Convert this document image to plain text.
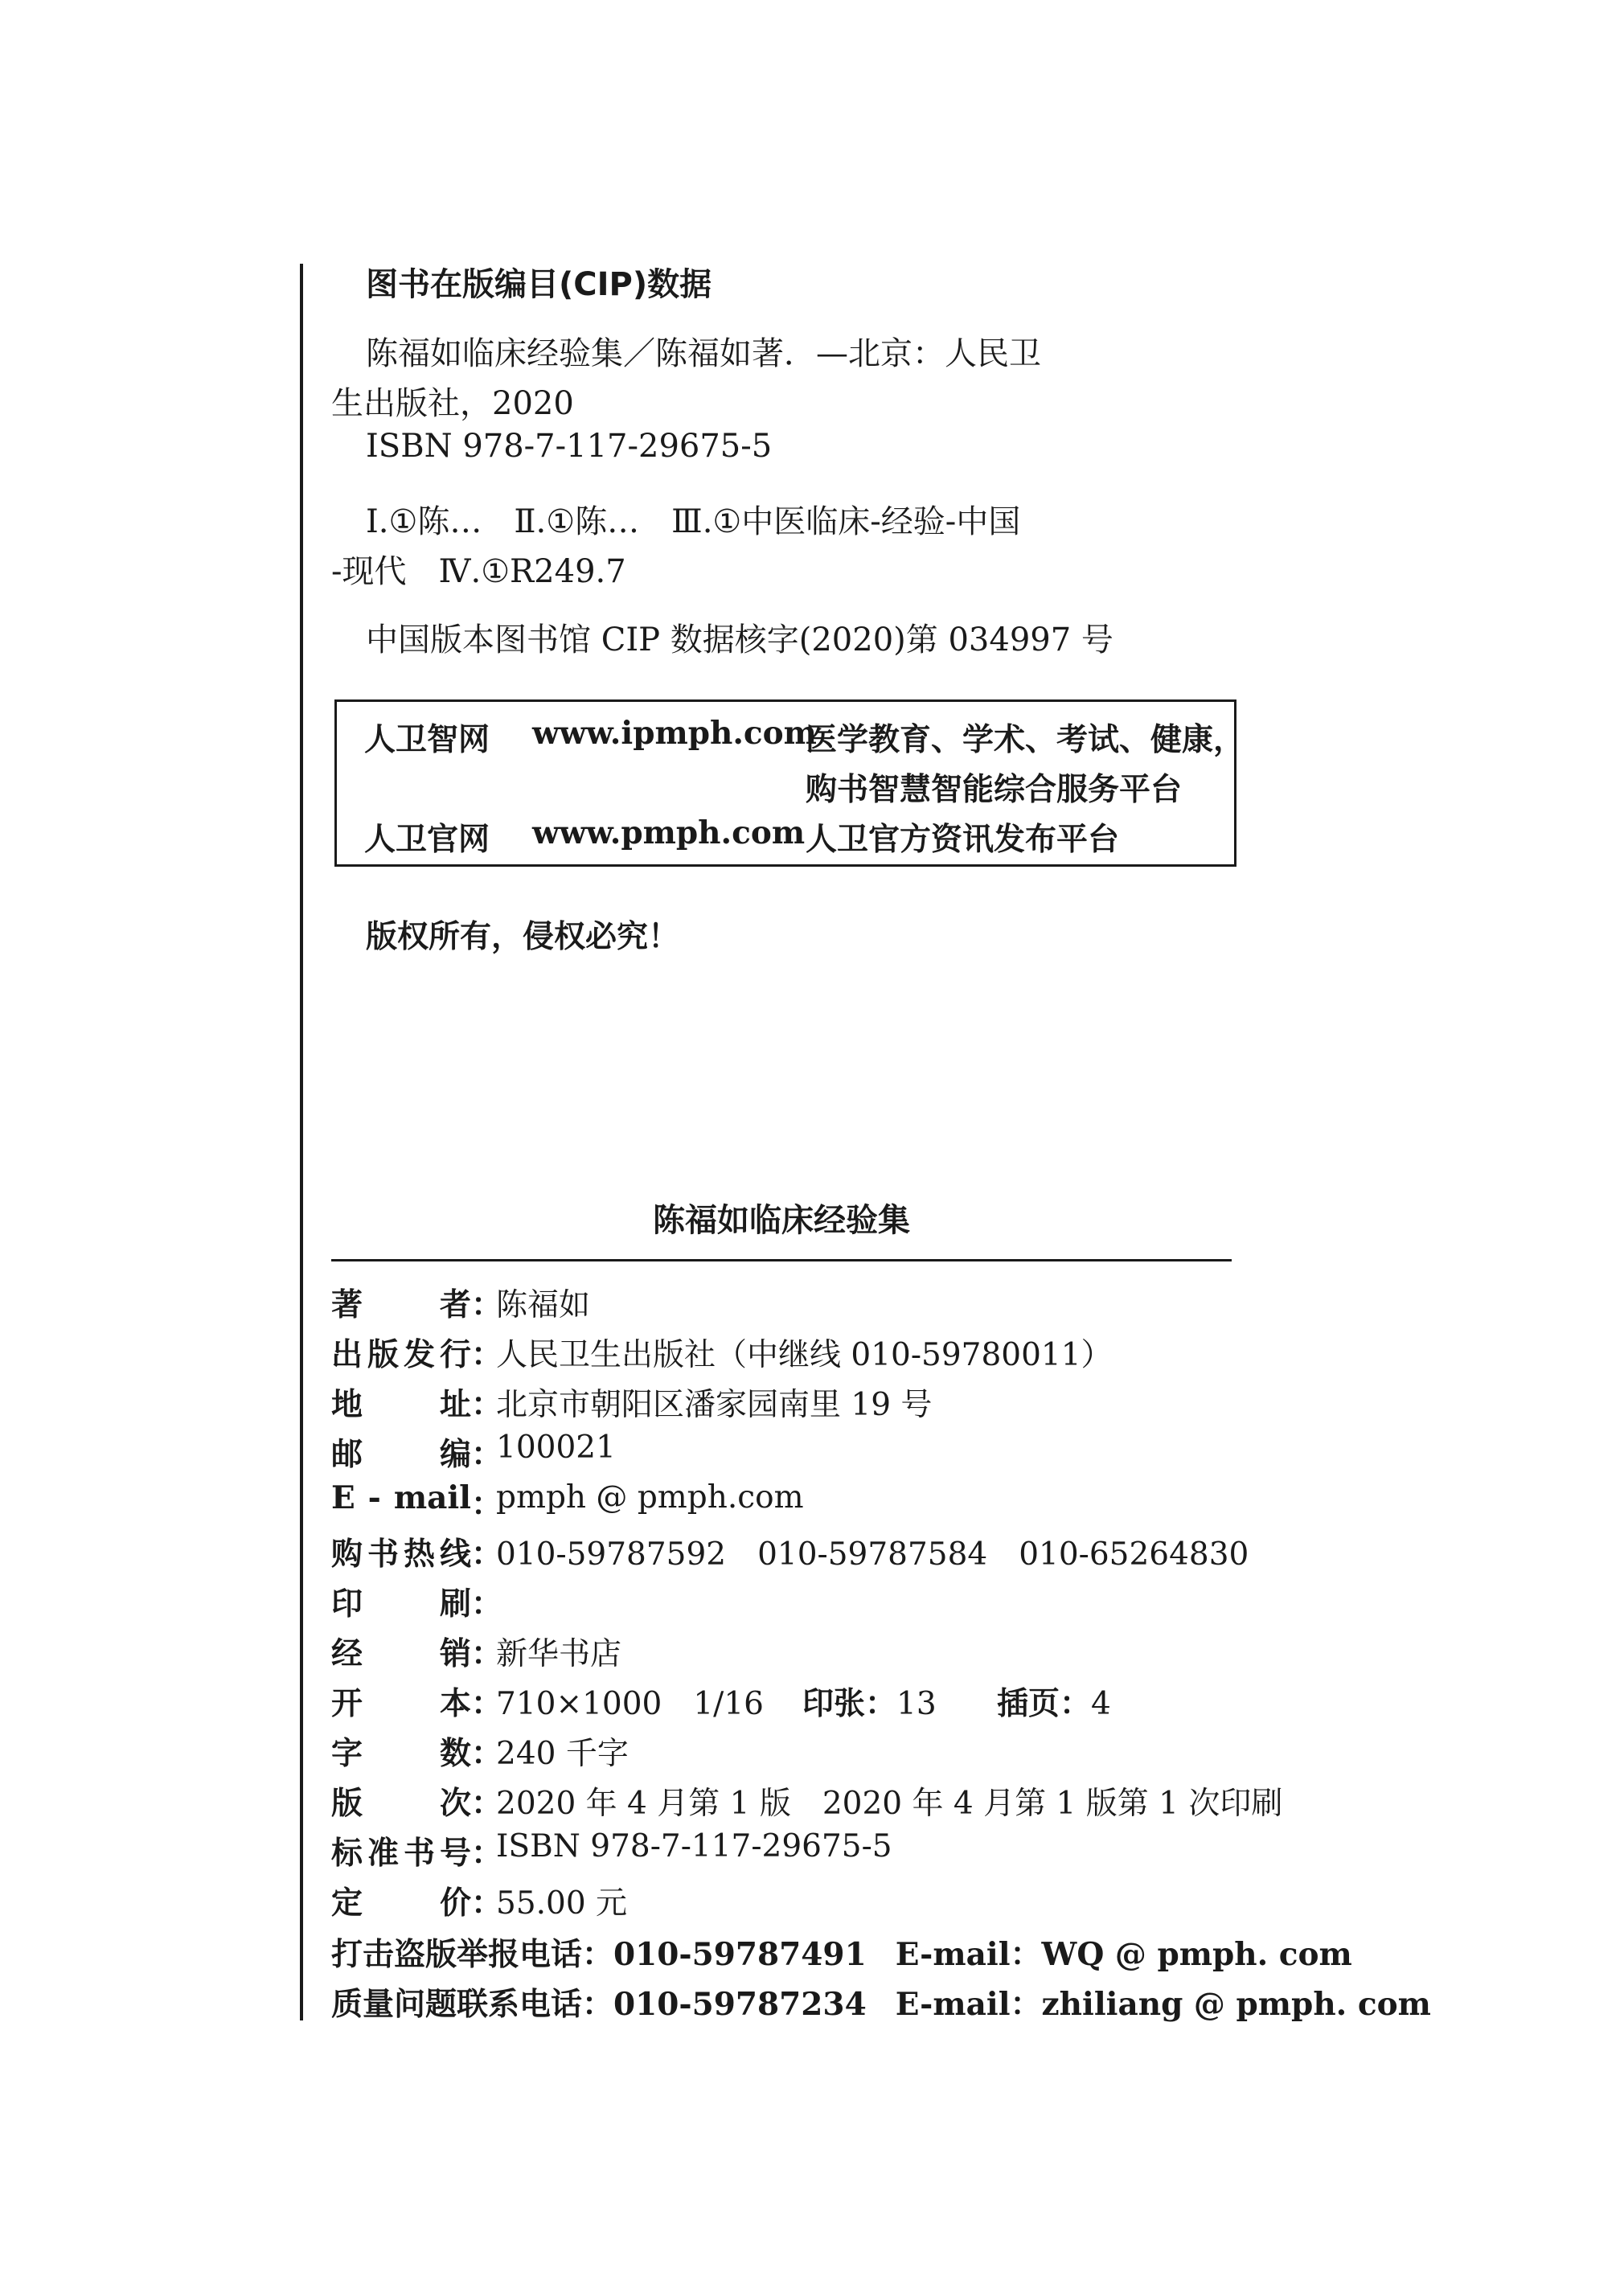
图书在版编目(CIP)数据
陈福如临床经验集／陈福如著．—北京：人民卫
生出版社，2020
ISBN 978-7-117-29675-5
Ⅰ.①陈…　Ⅱ.①陈…　Ⅲ.①中医临床-经验-中国
-现代　Ⅳ.①R249.7
中国版本图书馆 CIP 数据核字(2020)第 034997 号
人卫智网 www.ipmph.com
医学教育、学术、考试、健康，
购书智慧智能综合服务平台
人卫官网 www.pmph.com 人卫官方资讯发布平台
版权所有，侵权必究！
陈福如临床经验集
著　　者 ：
陈福如
出版发行 ：
人民卫生出版社（中继线 010-59780011）
地　　址 ：
北京市朝阳区潘家园南里 19 号
邮　　编 ：
100021
E - mail ：
pmph @ pmph.com
购书热线 ：
010-59787592　010-59787584　010-65264830
印　　刷 ：
经　　销 ：
新华书店
开　　本 ：
710×1000　1/16 印张：13 插页：4
字　　数 ：
240 千字
版　　次 ：
2020 年 4 月第 1 版　2020 年 4 月第 1 版第 1 次印刷
标准书号 ：
ISBN 978-7-117-29675-5
定　　价 ：
55.00 元
打击盗版举报电话：010-59787491 E-mail：WQ @ pmph. com
质量问题联系电话：010-59787234 E-mail：zhiliang @ pmph. com
